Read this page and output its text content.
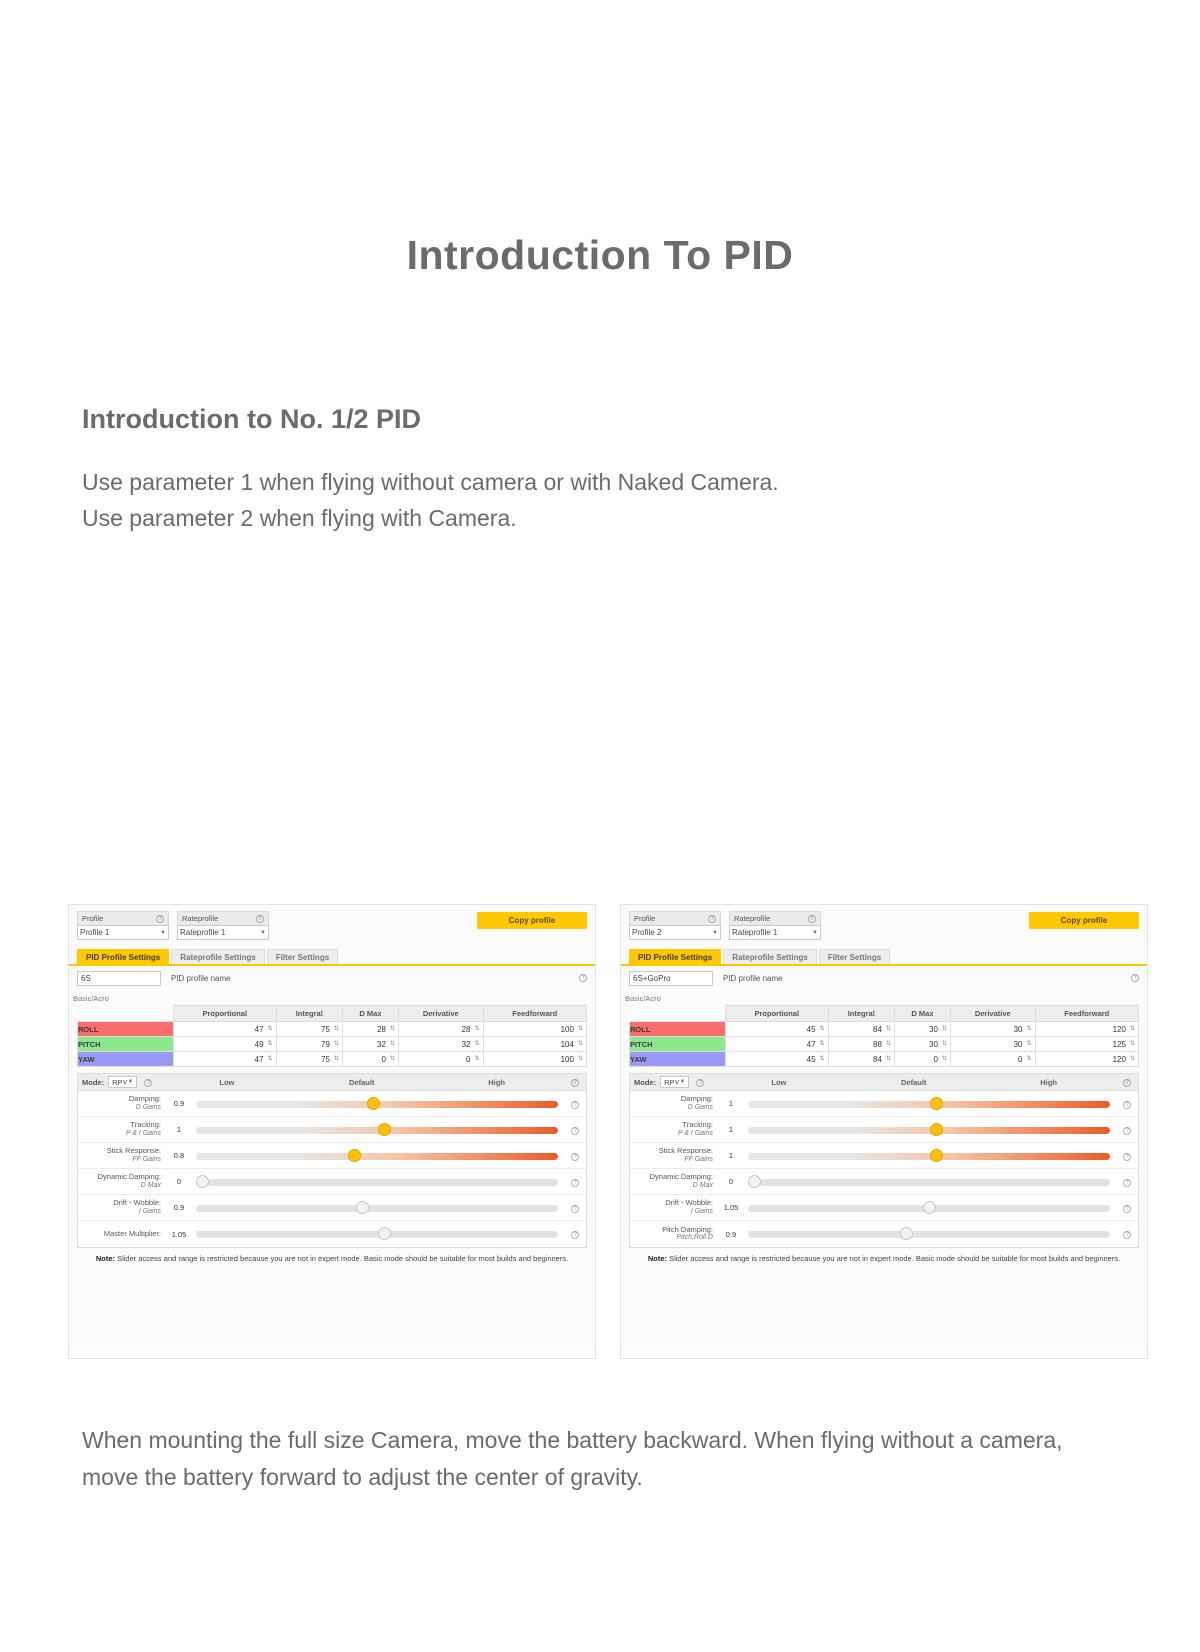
Introduction To PID
Introduction to No. 1/2 PID

Use parameter 1 when flying without camera or with Naked Camera.
Use parameter 2 when flying with Camera.

Profile	?
Profile 1	▼
Rateprofile	?
Rateprofile 1	▼
Copy profile
PID Profile Settings	Rateprofile Settings	Filter Settings
6S	PID profile name	?
Basic/Acro
	Proportional	Integral	D Max	Derivative	Feedforward
ROLL	47 ⇅	75 ⇅	28 ⇅	28 ⇅	100 ⇅

PITCH	49 ⇅	79 ⇅	32 ⇅	32 ⇅	104 ⇅

YAW	47 ⇅	75 ⇅	0 ⇅	0 ⇅	100 ⇅
Mode: RPY ▼	?	Low	Default	High	?
Damping:
D Gains	0.9	?
Tracking:
P & I Gains	1	?
Stick Response:
FF Gains	0.8	?
Dynamic Damping:
D Max	0	?
Drift - Wobble:
I Gains	0.9	?
Master Multiplier:	1.05	?
Note: Slider access and range is restricted because you are not in expert mode. Basic mode should be suitable for most builds and beginners.
Profile	?
Profile 2	▼
Rateprofile	?
Rateprofile 1	▼
Copy profile
PID Profile Settings	Rateprofile Settings	Filter Settings
6S+GoPro	PID profile name	?
Basic/Acro
	Proportional	Integral	D Max	Derivative	Feedforward
ROLL	45 ⇅	84 ⇅	30 ⇅	30 ⇅	120 ⇅

PITCH	47 ⇅	88 ⇅	30 ⇅	30 ⇅	125 ⇅

YAW	45 ⇅	84 ⇅	0 ⇅	0 ⇅	120 ⇅
Mode: RPY ▼	?	Low	Default	High	?
Damping:
D Gains	1	?
Tracking:
P & I Gains	1	?
Stick Response:
FF Gains	1	?
Dynamic Damping:
D Max	0	?
Drift - Wobble:
I Gains	1.05	?
Pitch Damping:
Pitch:Roll D	0.9	?
Note: Slider access and range is restricted because you are not in expert mode. Basic mode should be suitable for most builds and beginners.

When mounting the full size Camera, move the battery backward. When flying without a camera, move the battery forward to adjust the center of gravity.
